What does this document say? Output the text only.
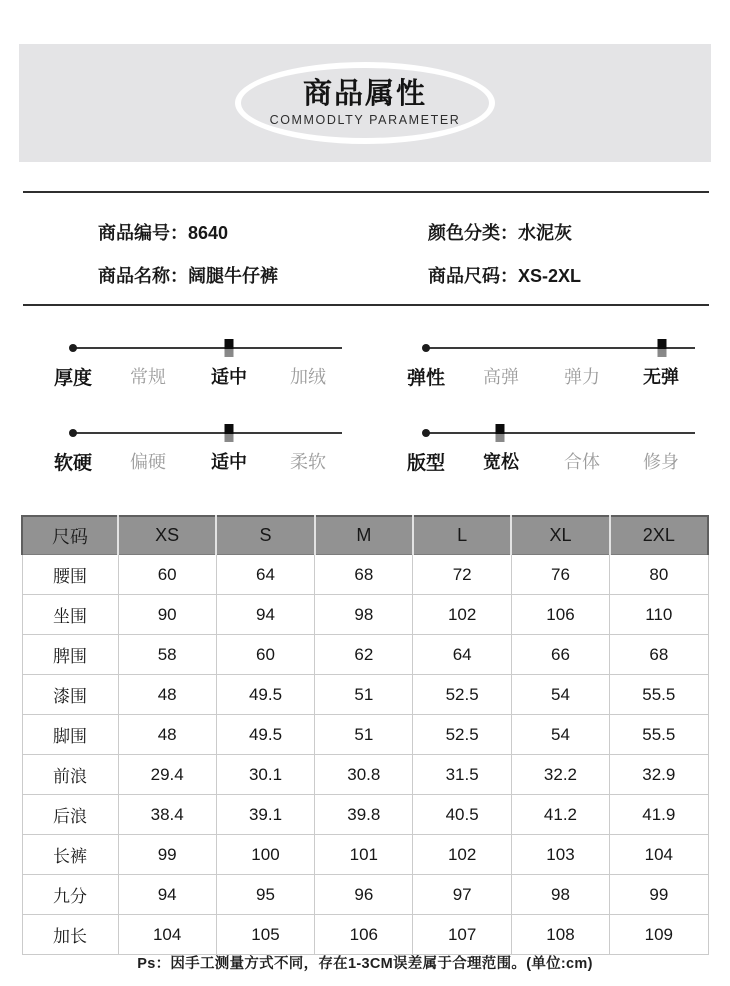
商品属性
COMMODLTY PARAMETER
商品编号：8640	颜色分类：水泥灰
商品名称：阔腿牛仔裤	商品尺码：XS-2XL
厚度 常规	适中 加绒	弹性 高弹	弹力 无弹
软硬 偏硬	适中 柔软	版型 宽松	合体 修身
尺码	XS	S	M	L	XL	2XL
腰围	60	64	68	72	76	80
坐围	90	94	98	102	106	110
脾围	58	60	62	64	66	68
漆围	48	49.5	51	52.5	54	55.5
脚围	48	49.5	51	52.5	54	55.5
前浪	29.4	30.1	30.8	31.5	32.2	32.9
后浪	38.4	39.1	39.8	40.5	41.2	41.9
长裤	99	100	101	102	103	104
九分	94	95	96	97	98	99
加长	104	105	106	107	108	109
Ps：因手工测量方式不同，存在1-3CM误差属于合理范围。(单位:cm)
